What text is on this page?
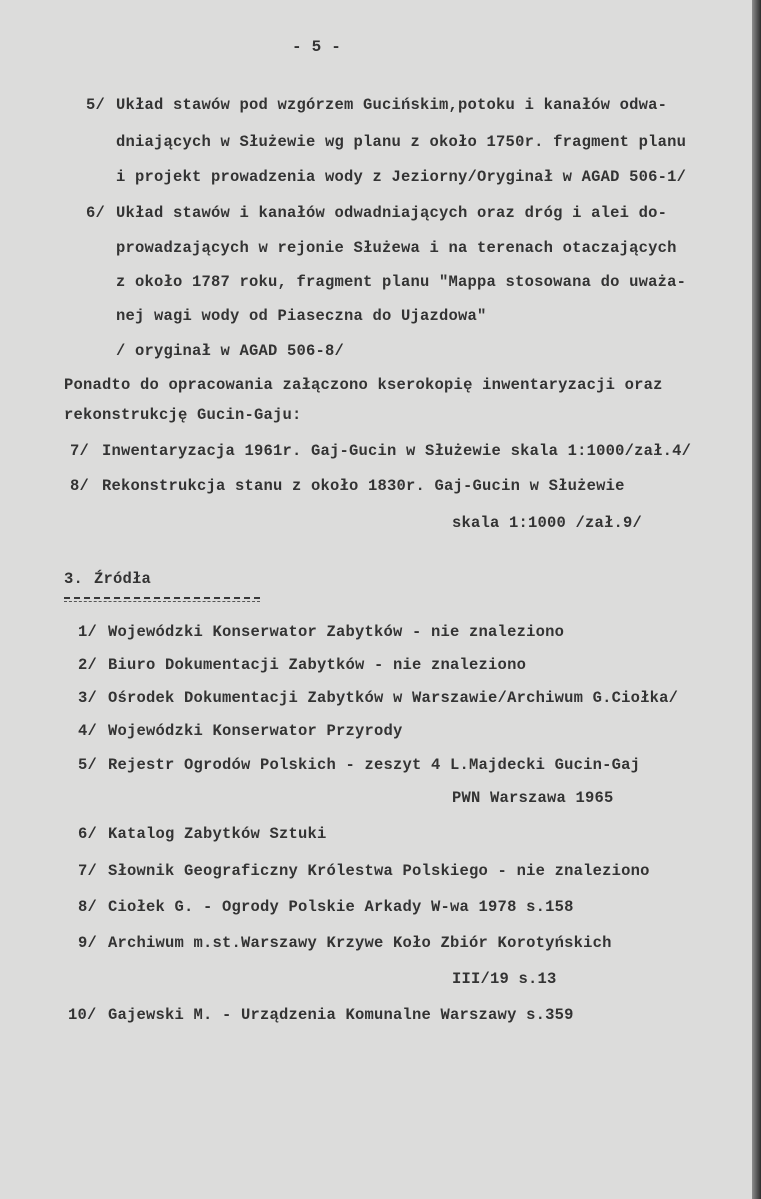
- 5 -
5/ Układ stawów pod wzgórzem Gucińskim,potoku i kanałów odwa-
dniających w Służewie wg planu z około 1750r. fragment planu
i projekt prowadzenia wody z Jeziorny/Oryginał w AGAD 506-1/
6/ Układ stawów i kanałów odwadniających oraz dróg i alei do-
prowadzających w rejonie Służewa i na terenach otaczających
z około 1787 roku, fragment planu "Mappa stosowana do uważa-
nej wagi wody od Piaseczna do Ujazdowa"
/ oryginał w AGAD 506-8/
Ponadto do opracowania załączono kserokopię inwentaryzacji oraz
rekonstrukcję Gucin-Gaju:
7/ Inwentaryzacja 1961r. Gaj-Gucin w Służewie skala 1:1000/zał.4/
8/ Rekonstrukcja stanu z około 1830r. Gaj-Gucin w Służewie
skala 1:1000 /zał.9/
3. Źródła
1/ Wojewódzki Konserwator Zabytków - nie znaleziono
2/ Biuro Dokumentacji Zabytków - nie znaleziono
3/ Ośrodek Dokumentacji Zabytków w Warszawie/Archiwum G.Ciołka/
4/ Wojewódzki Konserwator Przyrody
5/ Rejestr Ogrodów Polskich - zeszyt 4 L.Majdecki Gucin-Gaj
PWN Warszawa 1965
6/ Katalog Zabytków Sztuki
7/ Słownik Geograficzny Królestwa Polskiego - nie znaleziono
8/ Ciołek G. - Ogrody Polskie Arkady W-wa 1978 s.158
9/ Archiwum m.st.Warszawy Krzywe Koło Zbiór Korotyńskich
III/19 s.13
10/ Gajewski M. - Urządzenia Komunalne Warszawy s.359
